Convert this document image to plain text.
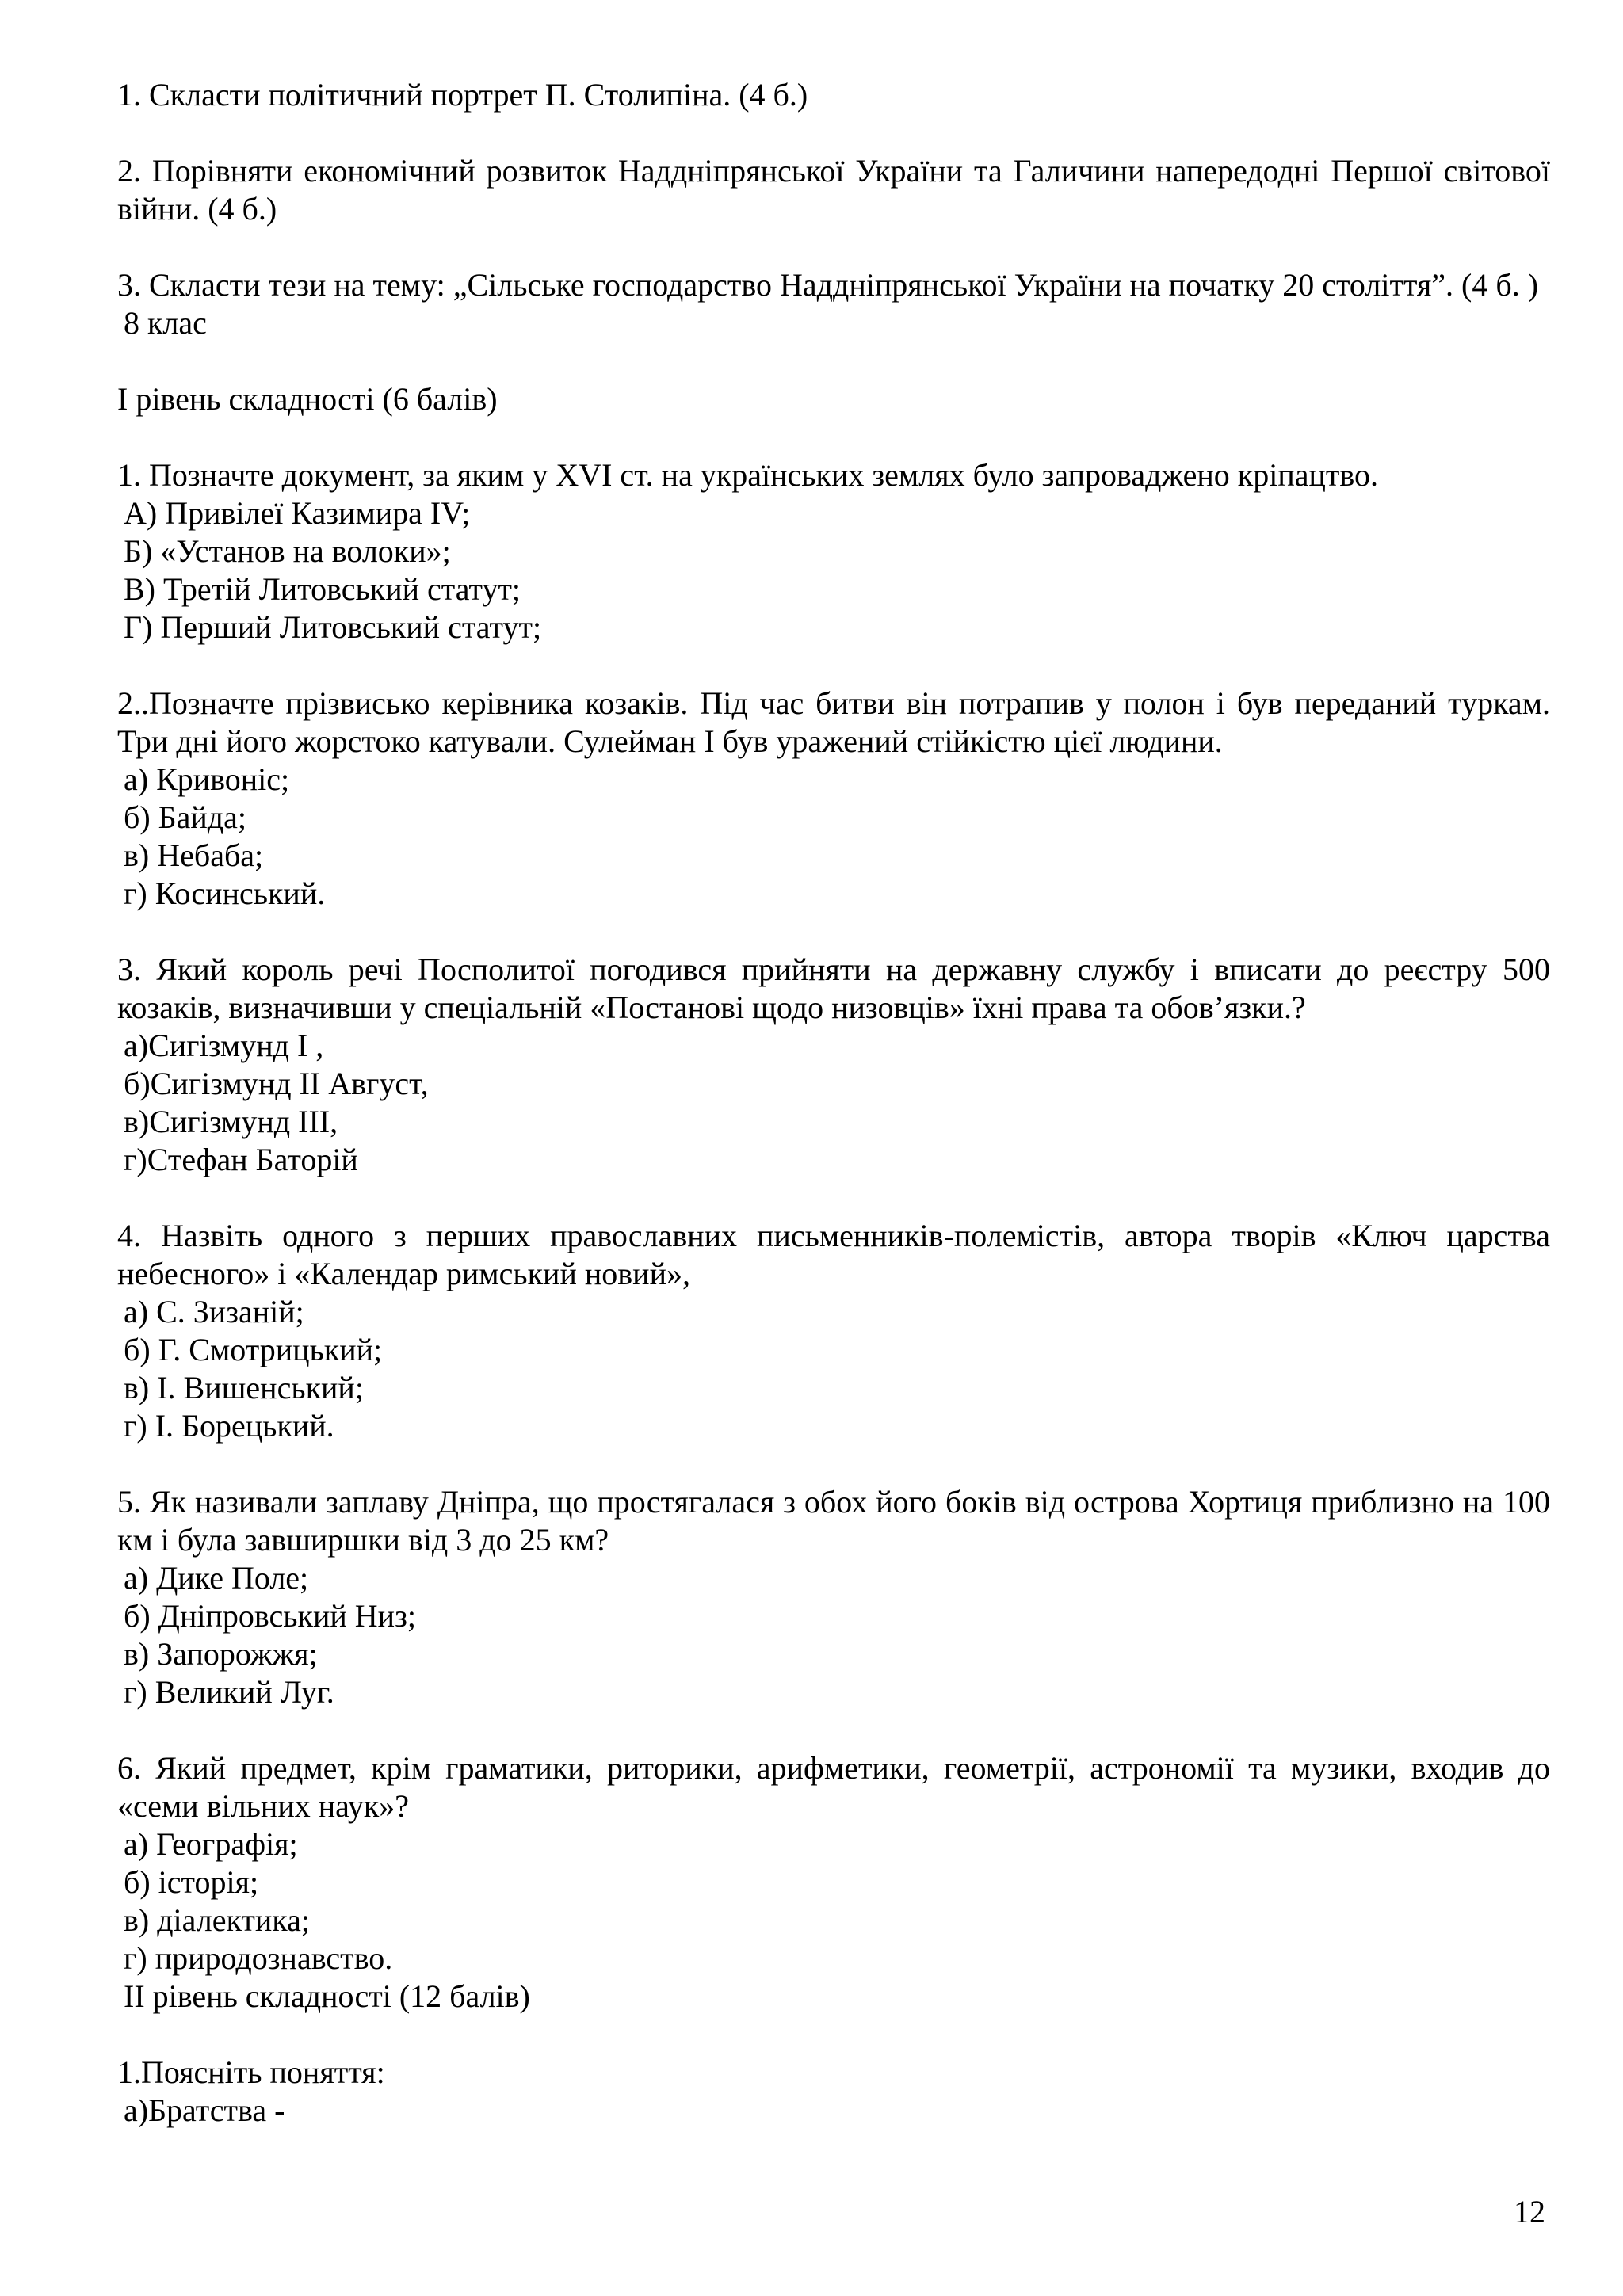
1. Скласти політичний портрет П. Столипіна. (4 б.)

2. Порівняти економічний розвиток Наддніпрянської України та Галичини напередодні Першої світової війни. (4 б.)

3. Скласти тези на тему: „Сільське господарство Наддніпрянської України на початку 20 століття”. (4 б. )

8 клас

І рівень складності (6 балів)

1. Позначте документ, за яким у XVI ст. на українських землях було запроваджено кріпацтво.

А) Привілеї Казимира IV;

Б) «Устанoв на волоки»;

В) Третій Литовський статут;

Г) Перший Литовський статут;

2..Позначте прізвисько керівника козаків. Під час битви він потрапив у полон і був переданий туркам. Три дні його жорстоко катували. Сулейман І був уражений стійкістю цієї людини.

а) Кривоніс;

б) Байда;

в) Небаба;

г) Косинський.

3. Який король речі Посполитої погодився прийняти на державну службу і вписати до реєстру 500 козаків, визначивши у спеціальній «Постанові щодо низовців» їхні права та обов’язки.?

а)Сигізмунд І ,

б)Сигізмунд ІІ Август,

в)Сигізмунд ІІІ,

г)Стефан Баторій

4. Назвіть одного з перших православних письменників-полемістів, автора творів «Ключ царства небесного» і «Календар римський новий»,

а) С. Зизаній;

б) Г. Смотрицький;

в) І. Вишенський;

г) І. Борецький.

5. Як називали заплаву Дніпра, що простягалася з обох його боків від острова Хортиця приблизно на 100 км і була завширшки від 3 до 25 км?

а) Дике Поле;

б) Дніпровський Низ;

в) Запорожжя;

г) Великий Луг.

6. Який предмет, крім граматики, риторики, арифметики, геометрії, астрономії та музики, входив до «семи вільних наук»?

а) Географія;

б) історія;

в) діалектика;

г) природознавство.

ІІ рівень складності (12 балів)

1.Поясніть поняття:

а)Братства -

12
